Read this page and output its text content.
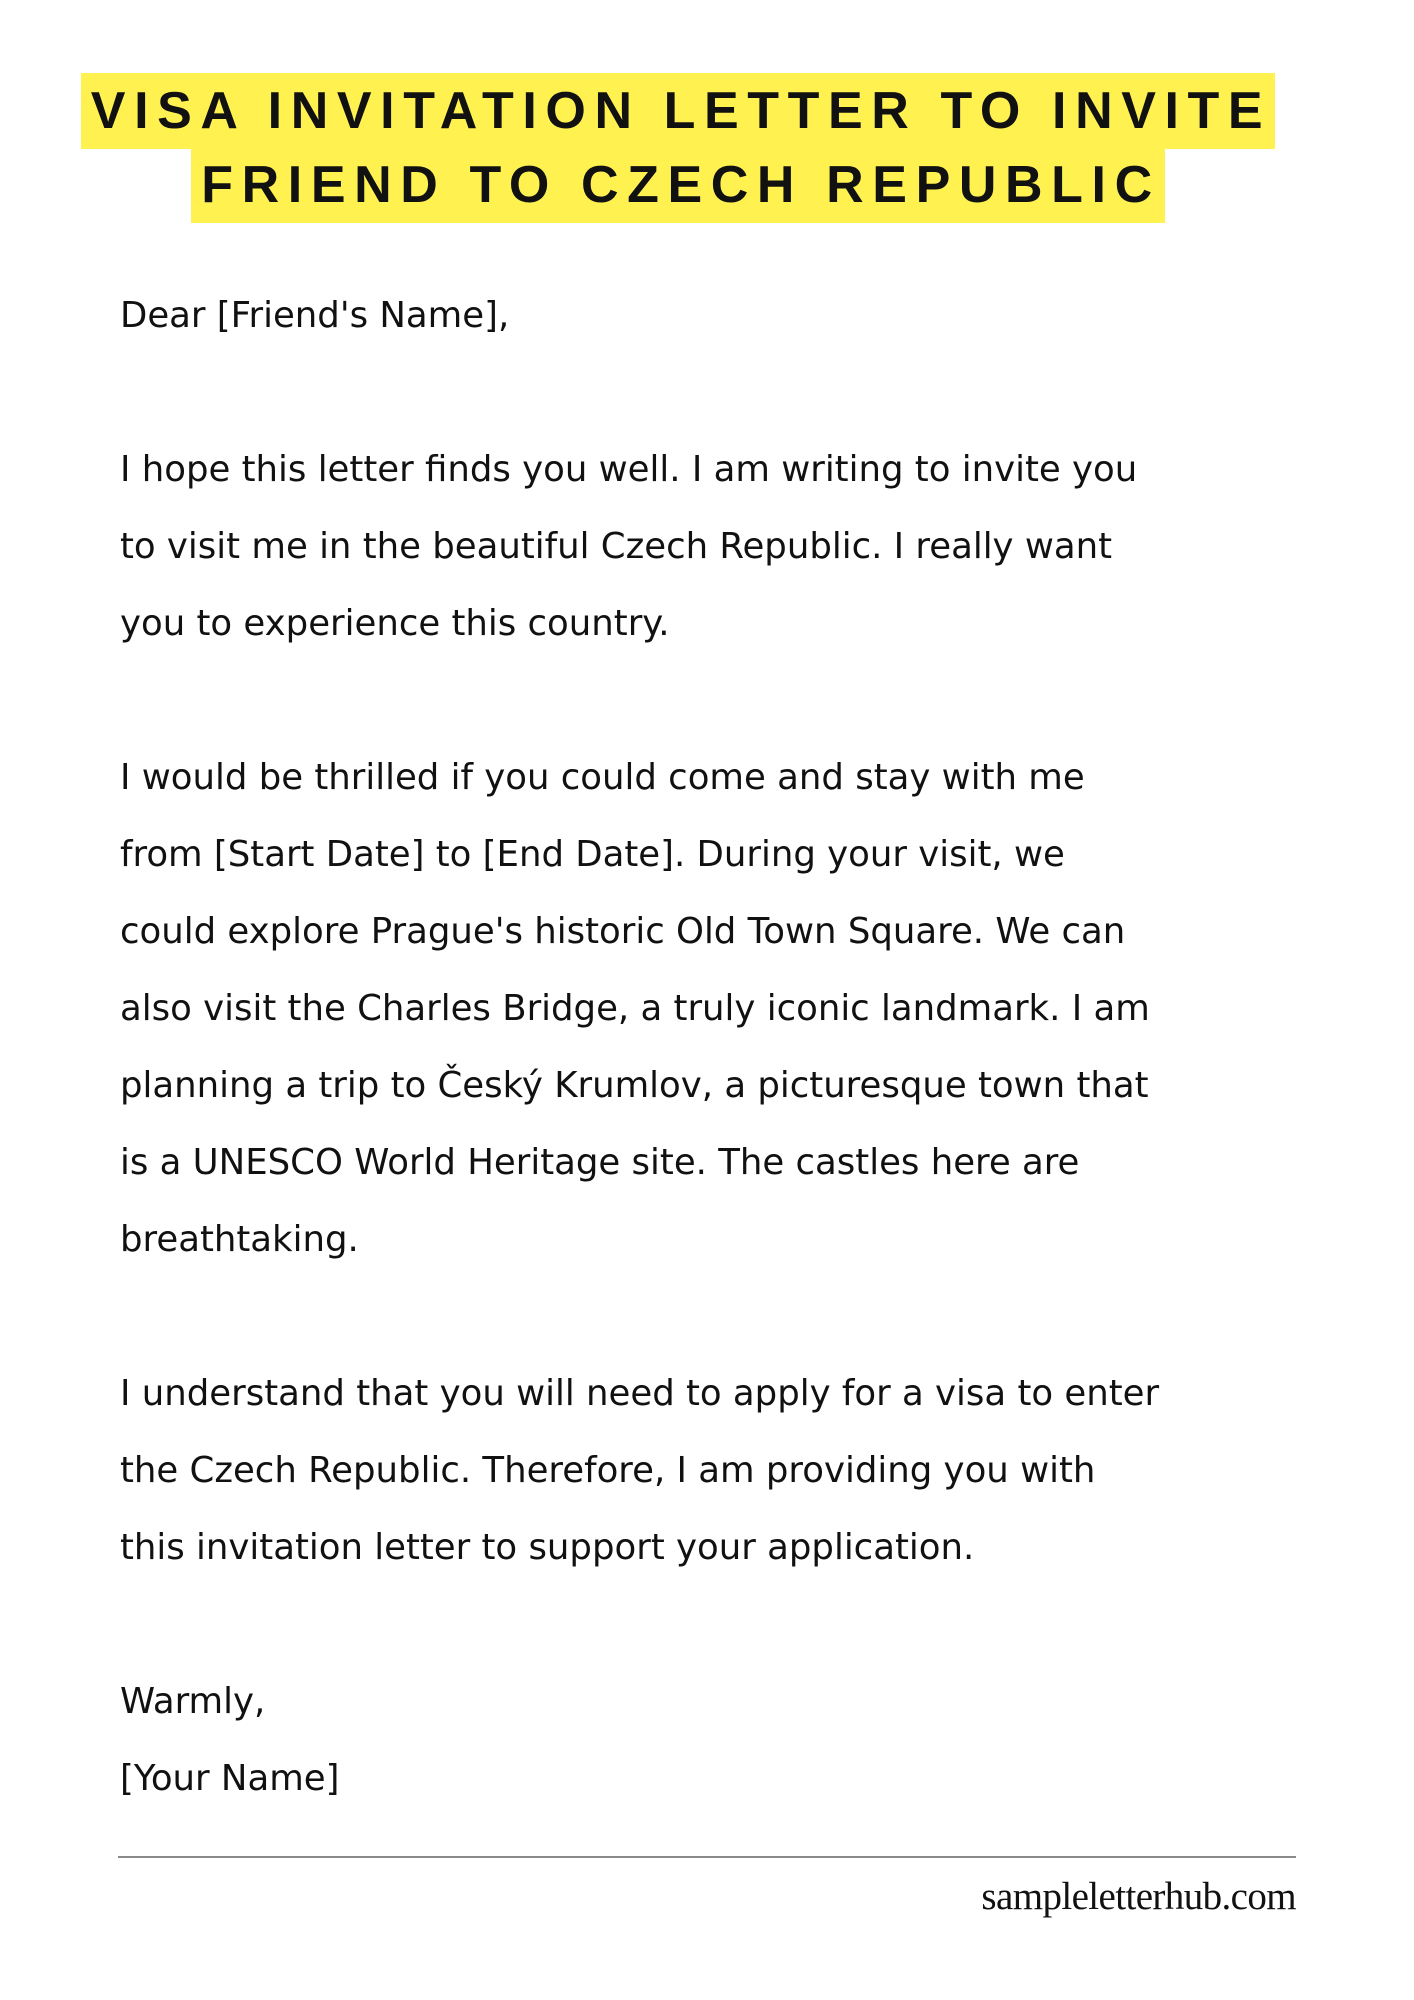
VISA INVITATION LETTER TO INVITE
FRIEND TO CZECH REPUBLIC

Dear [Friend's Name],

I hope this letter finds you well. I am writing to invite you
to visit me in the beautiful Czech Republic. I really want
you to experience this country.

I would be thrilled if you could come and stay with me
from [Start Date] to [End Date]. During your visit, we
could explore Prague's historic Old Town Square. We can
also visit the Charles Bridge, a truly iconic landmark. I am
planning a trip to Český Krumlov, a picturesque town that
is a UNESCO World Heritage site. The castles here are
breathtaking.

I understand that you will need to apply for a visa to enter
the Czech Republic. Therefore, I am providing you with
this invitation letter to support your application.

Warmly,

[Your Name]

sampleletterhub.com
